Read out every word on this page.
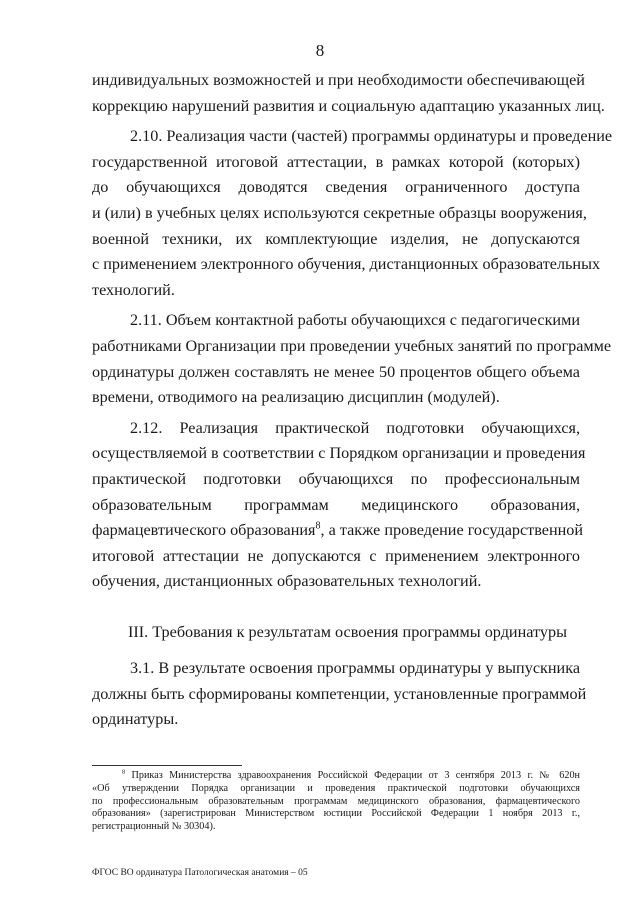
8
индивидуальных возможностей и при необходимости обеспечивающей
коррекцию нарушений развития и социальную адаптацию указанных лиц.
2.10. Реализация части (частей) программы ординатуры и проведение
государственной итоговой аттестации, в рамках которой (которых)
до обучающихся доводятся сведения ограниченного доступа
и (или) в учебных целях используются секретные образцы вооружения,
военной техники, их комплектующие изделия, не допускаются
с применением электронного обучения, дистанционных образовательных
технологий.
2.11. Объем контактной работы обучающихся с педагогическими
работниками Организации при проведении учебных занятий по программе
ординатуры должен составлять не менее 50 процентов общего объема
времени, отводимого на реализацию дисциплин (модулей).
2.12. Реализация практической подготовки обучающихся,
осуществляемой в соответствии с Порядком организации и проведения
практической подготовки обучающихся по профессиональным
образовательным программам медицинского образования,
фармацевтического образования$^8$, а также проведение государственной
итоговой аттестации не допускаются с применением электронного
обучения, дистанционных образовательных технологий.
III. Требования к результатам освоения программы ординатуры
3.1. В результате освоения программы ординатуры у выпускника
должны быть сформированы компетенции, установленные программой
ординатуры.
$^8$ Приказ Министерства здравоохранения Российской Федерации от 3 сентября 2013 г. № 620н
«Об утверждении Порядка организации и проведения практической подготовки обучающихся
по профессиональным образовательным программам медицинского образования, фармацевтического
образования» (зарегистрирован Министерством юстиции Российской Федерации 1 ноября 2013 г.,
регистрационный № 30304).
ФГОС ВО ординатура Патологическая анатомия – 05
